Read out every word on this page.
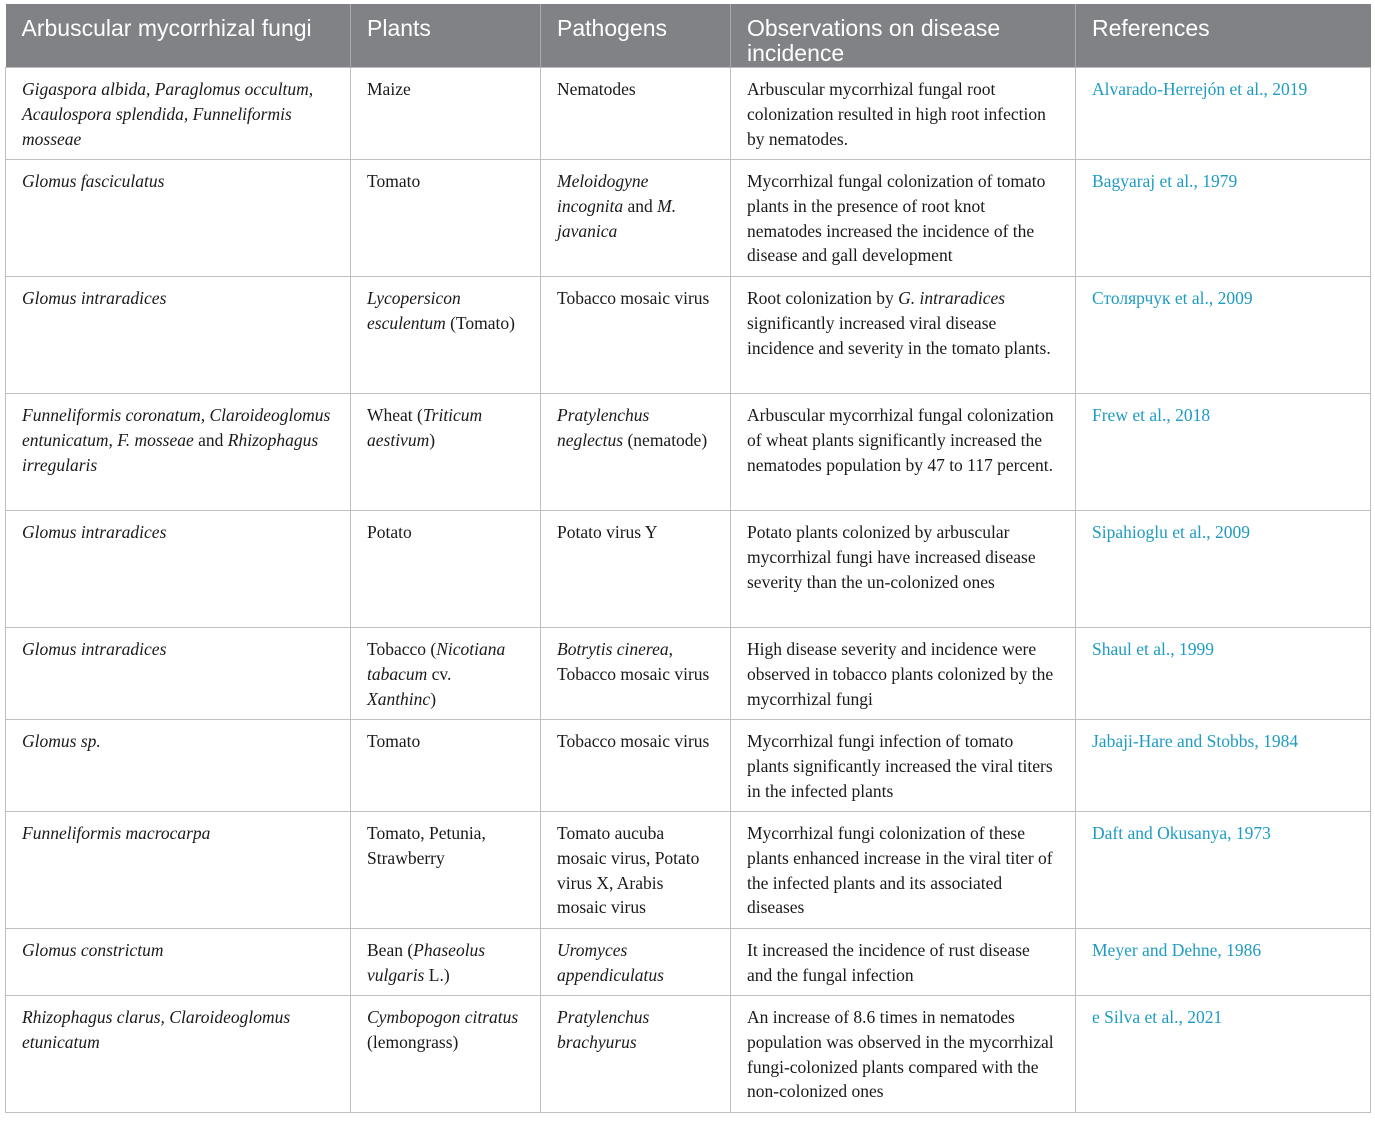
Arbuscular mycorrhizal fungi	Plants	Pathogens	Observations on disease incidence	References
Gigaspora albida, Paraglomus occultum, Acaulospora splendida, Funneliformis mosseae	Maize	Nematodes	Arbuscular mycorrhizal fungal root colonization resulted in high root infection by nematodes.	Alvarado-Herrejón et al., 2019
Glomus fasciculatus	Tomato	Meloidogyne incognita and M. javanica	Mycorrhizal fungal colonization of tomato plants in the presence of root knot nematodes increased the incidence of the disease and gall development	Bagyaraj et al., 1979
Glomus intraradices	Lycopersicon esculentum (Tomato)	Tobacco mosaic virus	Root colonization by G. intraradices significantly increased viral disease incidence and severity in the tomato plants.	Столярчук et al., 2009
Funneliformis coronatum, Claroideoglomus entunicatum, F. mosseae and Rhizophagus irregularis	Wheat (Triticum aestivum)	Pratylenchus neglectus (nematode)	Arbuscular mycorrhizal fungal colonization of wheat plants significantly increased the nematodes population by 47 to 117 percent.	Frew et al., 2018
Glomus intraradices	Potato	Potato virus Y	Potato plants colonized by arbuscular mycorrhizal fungi have increased disease severity than the un-colonized ones	Sipahioglu et al., 2009
Glomus intraradices	Tobacco (Nicotiana tabacum cv. Xanthinc)	Botrytis cinerea, Tobacco mosaic virus	High disease severity and incidence were observed in tobacco plants colonized by the mycorrhizal fungi	Shaul et al., 1999
Glomus sp.	Tomato	Tobacco mosaic virus	Mycorrhizal fungi infection of tomato plants significantly increased the viral titers in the infected plants	Jabaji-Hare and Stobbs, 1984
Funneliformis macrocarpa	Tomato, Petunia, Strawberry	Tomato aucuba mosaic virus, Potato virus X, Arabis mosaic virus	Mycorrhizal fungi colonization of these plants enhanced increase in the viral titer of the infected plants and its associated diseases	Daft and Okusanya, 1973
Glomus constrictum	Bean (Phaseolus vulgaris L.)	Uromyces appendiculatus	It increased the incidence of rust disease and the fungal infection	Meyer and Dehne, 1986
Rhizophagus clarus, Claroideoglomus etunicatum	Cymbopogon citratus (lemongrass)	Pratylenchus brachyurus	An increase of 8.6 times in nematodes population was observed in the mycorrhizal fungi-colonized plants compared with the non-colonized ones	e Silva et al., 2021
